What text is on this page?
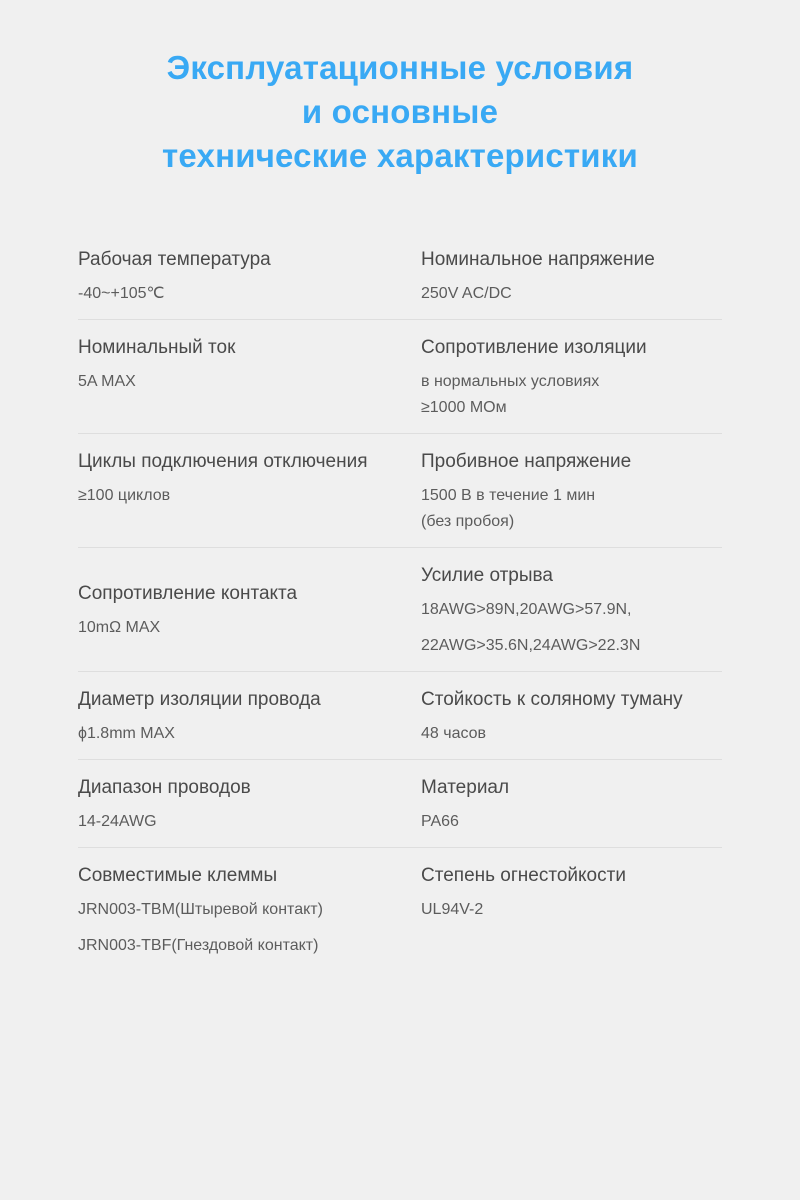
Эксплуатационные условия
и основные
технические характеристики
Рабочая температура
-40~+105℃
Номинальное напряжение
250V AC/DC
Номинальный ток
5A MAX
Сопротивление изоляции
в нормальных условиях
≥1000 МОм
Циклы подключения отключения
≥100 циклов
Пробивное напряжение
1500 В в течение 1 мин
(без пробоя)
Сопротивление контакта
10mΩ MAX
Усилие отрыва
18AWG>89N,20AWG>57.9N,
22AWG>35.6N,24AWG>22.3N
Диаметр изоляции провода
ϕ1.8mm MAX
Стойкость к соляному туману
48 часов
Диапазон проводов
14-24AWG
Материал
PA66
Совместимые клеммы
JRN003-TBM(Штыревой контакт)
JRN003-TBF(Гнездовой контакт)
Степень огнестойкости
UL94V-2
